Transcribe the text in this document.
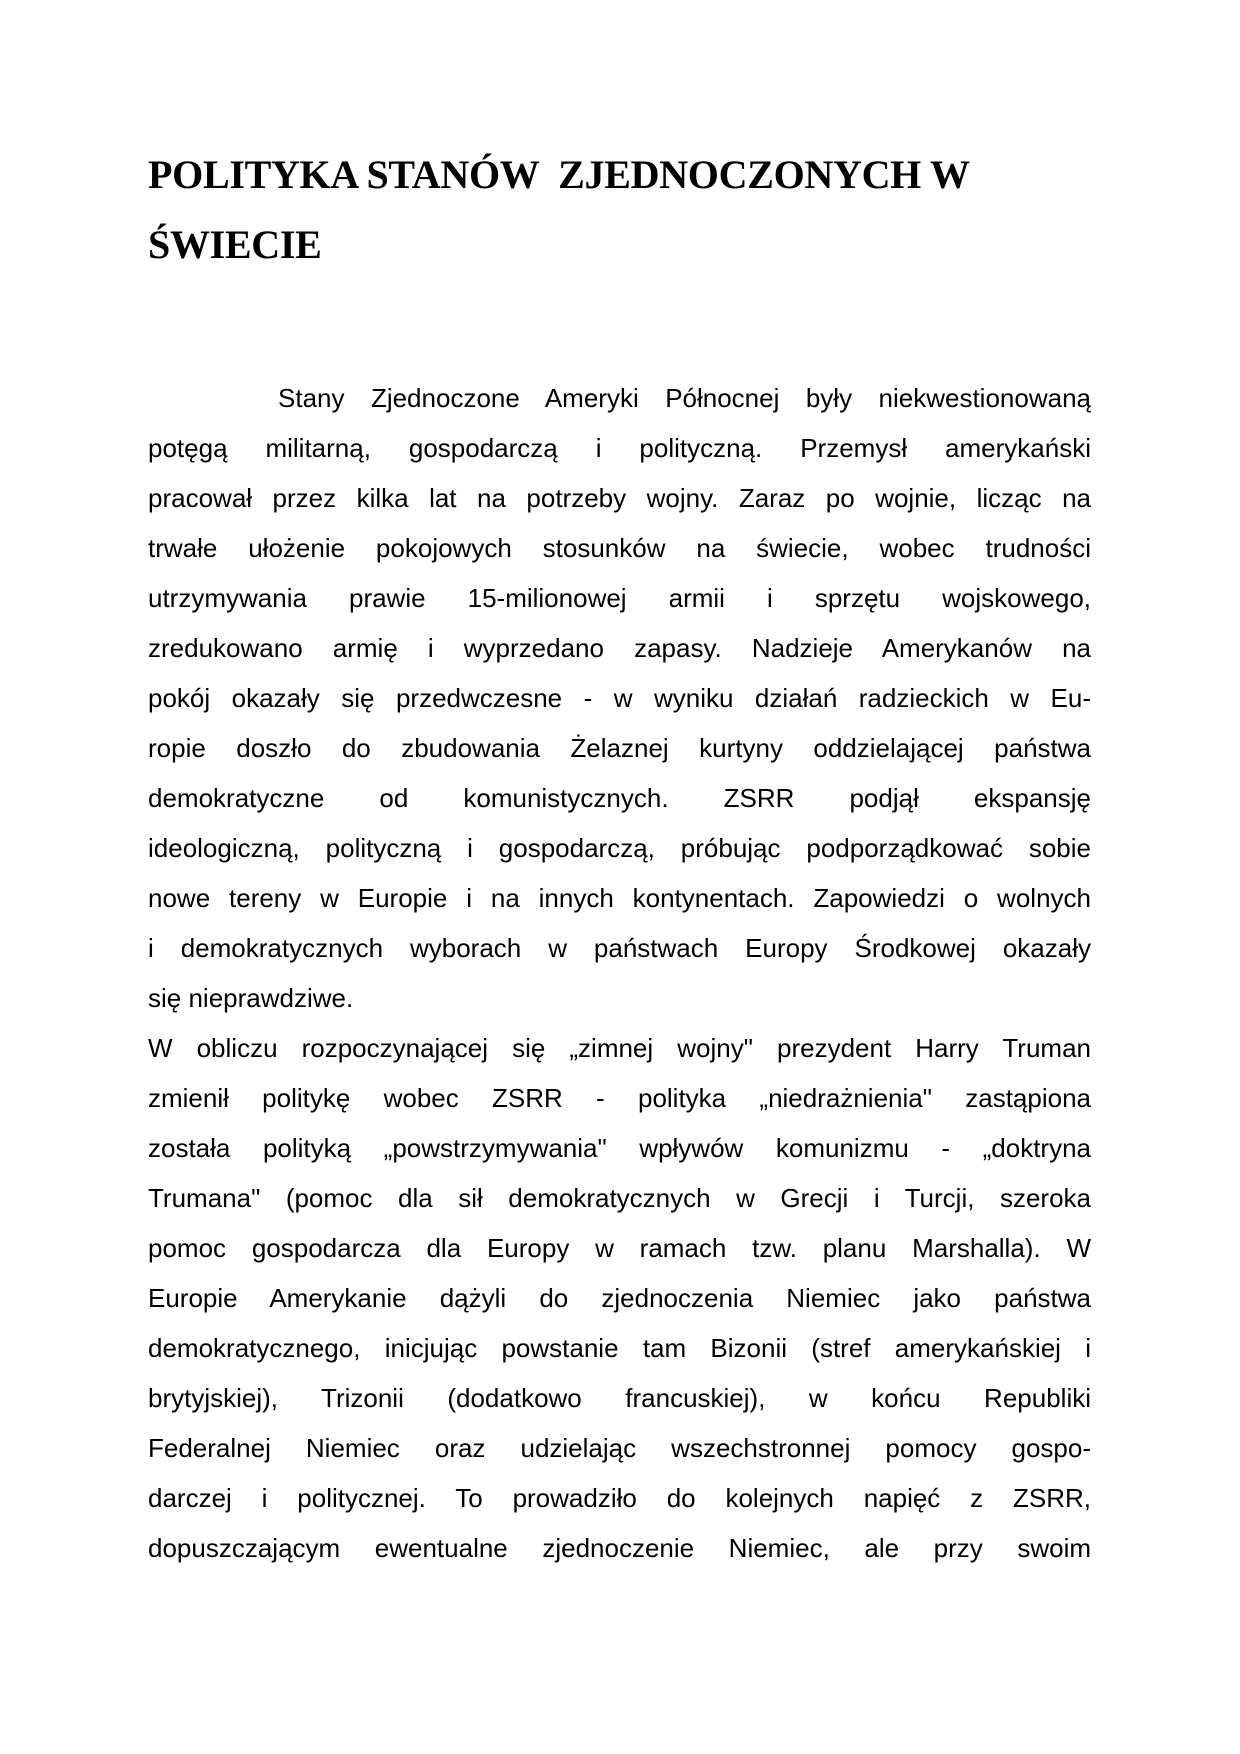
POLITYKA STANÓW  ZJEDNOCZONYCH W
ŚWIECIE
Stany Zjednoczone Ameryki Północnej były niekwestionowaną
potęgą militarną, gospodarczą i polityczną. Przemysł amerykański
pracował przez kilka lat na potrzeby wojny. Zaraz po wojnie, licząc na
trwałe ułożenie pokojowych stosunków na świecie, wobec trudności
utrzymywania prawie 15-milionowej armii i sprzętu wojskowego,
zredukowano armię i wyprzedano zapasy. Nadzieje Amerykanów na
pokój okazały się przedwczesne - w wyniku działań radzieckich w Eu-
ropie doszło do zbudowania Żelaznej kurtyny oddzielającej państwa
demokratyczne od komunistycznych. ZSRR podjął ekspansję
ideologiczną, polityczną i gospodarczą, próbując podporządkować sobie
nowe tereny w Europie i na innych kontynentach. Zapowiedzi o wolnych
i demokratycznych wyborach w państwach Europy Środkowej okazały
się nieprawdziwe.
W obliczu rozpoczynającej się „zimnej wojny" prezydent Harry Truman
zmienił politykę wobec ZSRR - polityka „niedrażnienia" zastąpiona
została polityką „powstrzymywania" wpływów komunizmu - „doktryna
Trumana" (pomoc dla sił demokratycznych w Grecji i Turcji, szeroka
pomoc gospodarcza dla Europy w ramach tzw. planu Marshalla). W
Europie Amerykanie dążyli do zjednoczenia Niemiec jako państwa
demokratycznego, inicjując powstanie tam Bizonii (stref amerykańskiej i
brytyjskiej), Trizonii (dodatkowo francuskiej), w końcu Republiki
Federalnej Niemiec oraz udzielając wszechstronnej pomocy gospo-
darczej i politycznej. To prowadziło do kolejnych napięć z ZSRR,
dopuszczającym ewentualne zjednoczenie Niemiec, ale przy swoim
